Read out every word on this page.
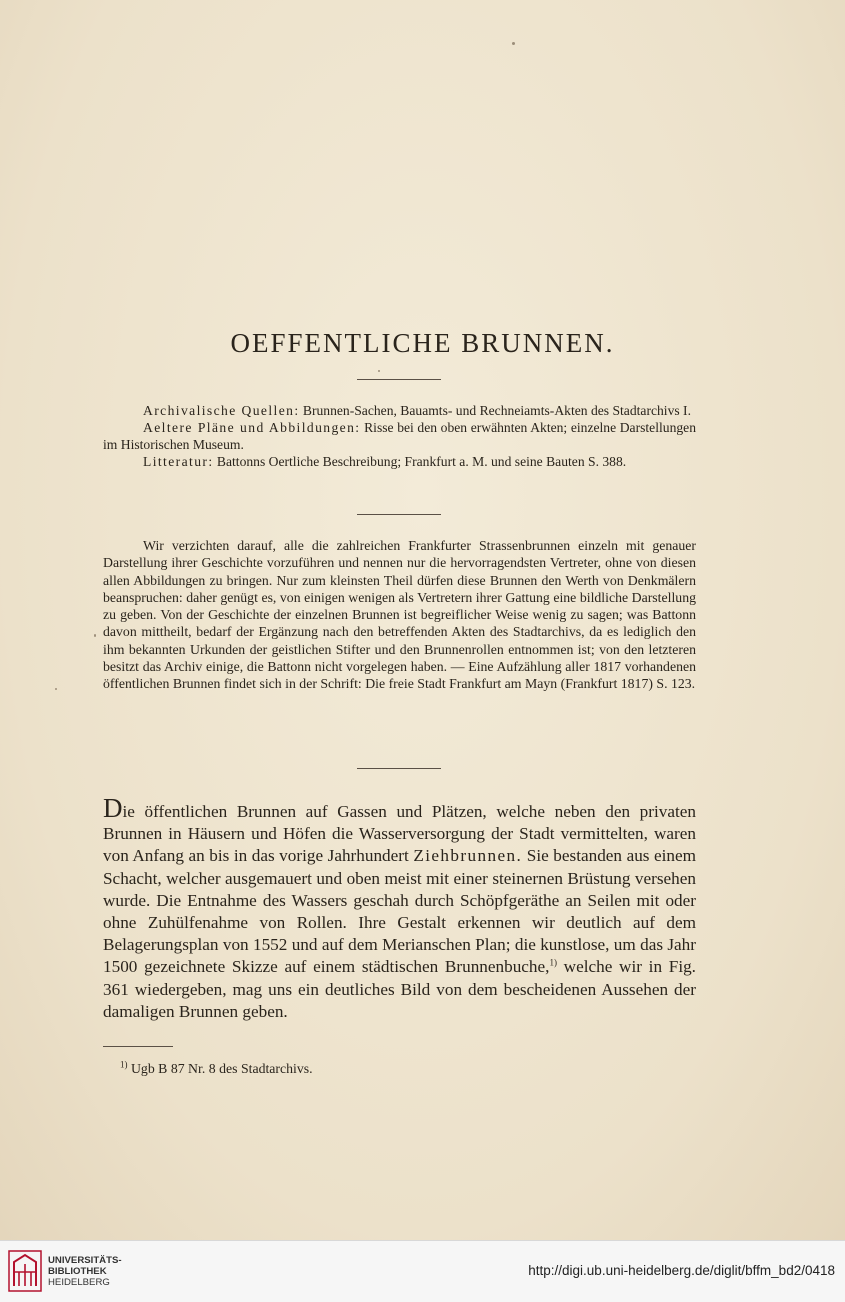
OEFFENTLICHE BRUNNEN.

Archivalische Quellen: Brunnen-Sachen, Bauamts- und Rechneiamts-Akten des Stadtarchivs I.

Aeltere Pläne und Abbildungen: Risse bei den oben erwähnten Akten; einzelne Darstellungen im Historischen Museum.

Litteratur: Battonns Oertliche Beschreibung; Frankfurt a. M. und seine Bauten S. 388.

Wir verzichten darauf, alle die zahlreichen Frankfurter Strassenbrunnen einzeln mit genauer Darstellung ihrer Geschichte vorzuführen und nennen nur die hervorragendsten Vertreter, ohne von diesen allen Abbildungen zu bringen. Nur zum kleinsten Theil dürfen diese Brunnen den Werth von Denkmälern beanspruchen: daher genügt es, von einigen wenigen als Vertretern ihrer Gattung eine bildliche Darstellung zu geben. Von der Geschichte der einzelnen Brunnen ist begreiflicher Weise wenig zu sagen; was Battonn davon mittheilt, bedarf der Ergänzung nach den betreffenden Akten des Stadtarchivs, da es lediglich den ihm bekannten Urkunden der geistlichen Stifter und den Brunnenrollen entnommen ist; von den letzteren besitzt das Archiv einige, die Battonn nicht vorgelegen haben. — Eine Aufzählung aller 1817 vorhandenen öffentlichen Brunnen findet sich in der Schrift: Die freie Stadt Frankfurt am Mayn (Frankfurt 1817) S. 123.

Die öffentlichen Brunnen auf Gassen und Plätzen, welche neben den privaten Brunnen in Häusern und Höfen die Wasserversorgung der Stadt vermittelten, waren von Anfang an bis in das vorige Jahrhundert Ziehbrunnen. Sie bestanden aus einem Schacht, welcher ausgemauert und oben meist mit einer steinernen Brüstung versehen wurde. Die Entnahme des Wassers geschah durch Schöpfgeräthe an Seilen mit oder ohne Zuhülfenahme von Rollen. Ihre Gestalt erkennen wir deutlich auf dem Belagerungsplan von 1552 und auf dem Merianschen Plan; die kunstlose, um das Jahr 1500 gezeichnete Skizze auf einem städtischen Brunnenbuche,$^{1)}$ welche wir in Fig. 361 wiedergeben, mag uns ein deutliches Bild von dem bescheidenen Aussehen der damaligen Brunnen geben.

$^{1)}$ Ugb B 87 Nr. 8 des Stadtarchivs.
UNIVERSITÄTS-
BIBLIOTHEK
HEIDELBERG
http://digi.ub.uni-heidelberg.de/diglit/bffm_bd2/0418
